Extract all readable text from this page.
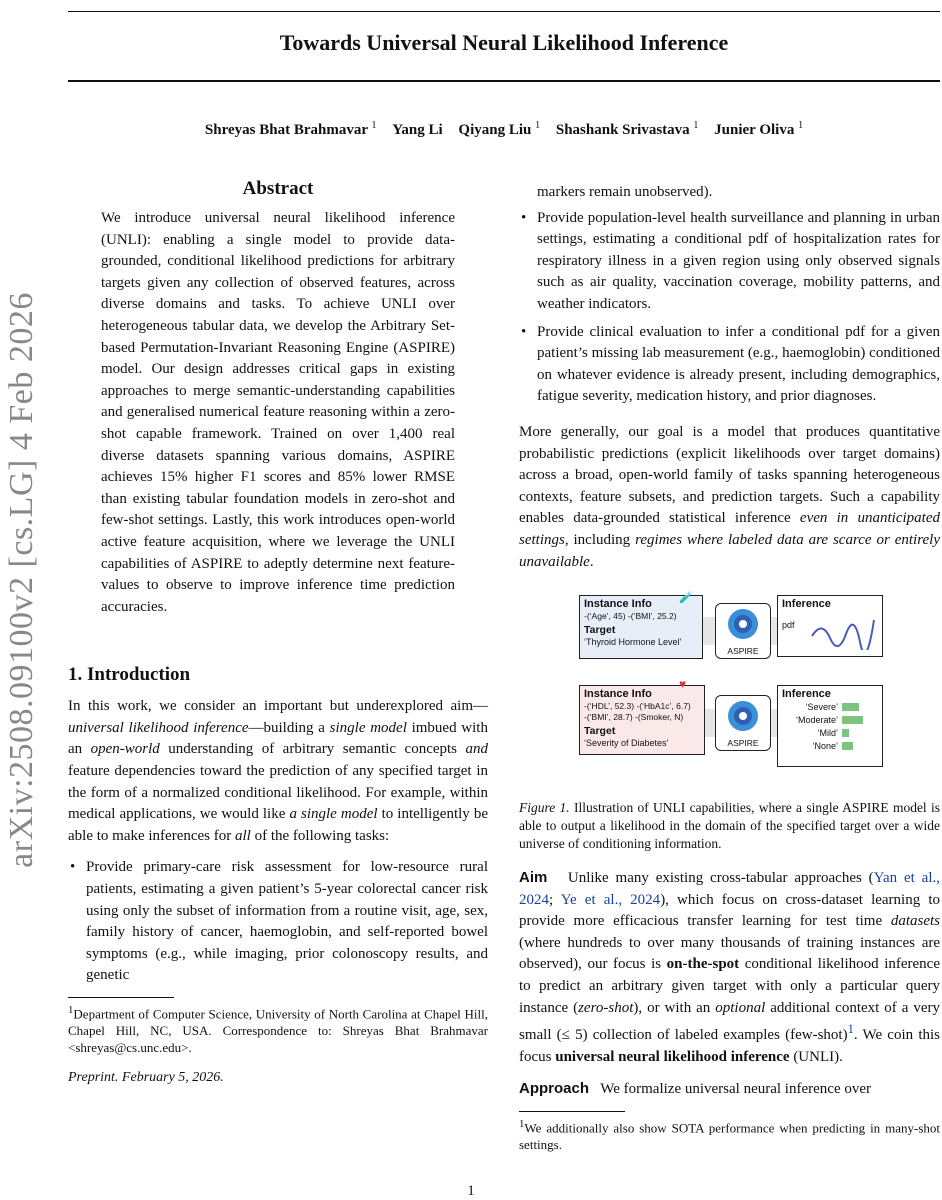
arXiv:2508.09100v2 [cs.LG] 4 Feb 2026
Towards Universal Neural Likelihood Inference
Shreyas Bhat Brahmavar $^1$ Yang Li Qiyang Liu $^1$ Shashank Srivastava $^1$ Junier Oliva $^1$
Abstract
We introduce universal neural likelihood inference (UNLI): enabling a single model to provide data-grounded, conditional likelihood predictions for arbitrary targets given any collection of observed features, across diverse domains and tasks. To achieve UNLI over heterogeneous tabular data, we develop the Arbitrary Set-based Permutation-Invariant Reasoning Engine (ASPIRE) model. Our design addresses critical gaps in existing approaches to merge semantic-understanding capabilities and generalised numerical feature reasoning within a zero-shot capable framework. Trained on over 1,400 real diverse datasets spanning various domains, ASPIRE achieves 15% higher F1 scores and 85% lower RMSE than existing tabular foundation models in zero-shot and few-shot settings. Lastly, this work introduces open-world active feature acquisition, where we leverage the UNLI capabilities of ASPIRE to adeptly determine next feature-values to observe to improve inference time prediction accuracies.
1. Introduction

In this work, we consider an important but underexplored aim—universal likelihood inference—building a single model imbued with an open-world understanding of arbitrary semantic concepts and feature dependencies toward the prediction of any specified target in the form of a normalized conditional likelihood. For example, within medical applications, we would like a single model to intelligently be able to make inferences for all of the following tasks:

• Provide primary-care risk assessment for low-resource rural patients, estimating a given patient’s 5-year colorectal cancer risk using only the subset of information from a routine visit, age, sex, family history of cancer, haemoglobin, and self-reported bowel symptoms (e.g., while imaging, prior colonoscopy results, and genetic

$^1$Department of Computer Science, University of North Carolina at Chapel Hill, Chapel Hill, NC, USA. Correspondence to: Shreyas Bhat Brahmavar <shreyas@cs.unc.edu>.

Preprint. February 5, 2026.
markers remain unobserved).
• Provide population-level health surveillance and planning in urban settings, estimating a conditional pdf of hospitalization rates for respiratory illness in a given region using only observed signals such as air quality, vaccination coverage, mobility patterns, and weather indicators.
• Provide clinical evaluation to infer a conditional pdf for a given patient’s missing lab measurement (e.g., haemoglobin) conditioned on whatever evidence is already present, including demographics, fatigue severity, medication history, and prior diagnoses.

More generally, our goal is a model that produces quantitative probabilistic predictions (explicit likelihoods over target domains) across a broad, open-world family of tasks spanning heterogeneous contexts, feature subsets, and prediction targets. Such a capability enables data-grounded statistical inference even in unanticipated settings, including regimes where labeled data are scarce or entirely unavailable.

Instance Info
-(‘Age’, 45) -(‘BMI’, 25.2)
Target
‘Thyroid Hormone Level’
🧪
ASPIRE
Inference
pdf
Instance Info
-(‘HDL’, 52.3) -(‘HbA1c’, 6.7)
-(‘BMI’, 28.7) -(Smoker, N)
Target
‘Severity of Diabetes’
♥
ASPIRE
Inference
‘Severe’
‘Moderate’
‘Mild’
‘None’

Figure 1. Illustration of UNLI capabilities, where a single ASPIRE model is able to output a likelihood in the domain of the specified target over a wide universe of conditioning information.

Aim Unlike many existing cross-tabular approaches (Yan et al., 2024; Ye et al., 2024), which focus on cross-dataset learning to provide more efficacious transfer learning for test time datasets (where hundreds to over many thousands of training instances are observed), our focus is on-the-spot conditional likelihood inference to predict an arbitrary given target with only a particular query instance (zero-shot), or with an optional additional context of a very small (≤ 5) collection of labeled examples (few-shot)$^1$. We coin this focus universal neural likelihood inference (UNLI).

Approach We formalize universal neural inference over

$^1$We additionally also show SOTA performance when predicting in many-shot settings.

1
